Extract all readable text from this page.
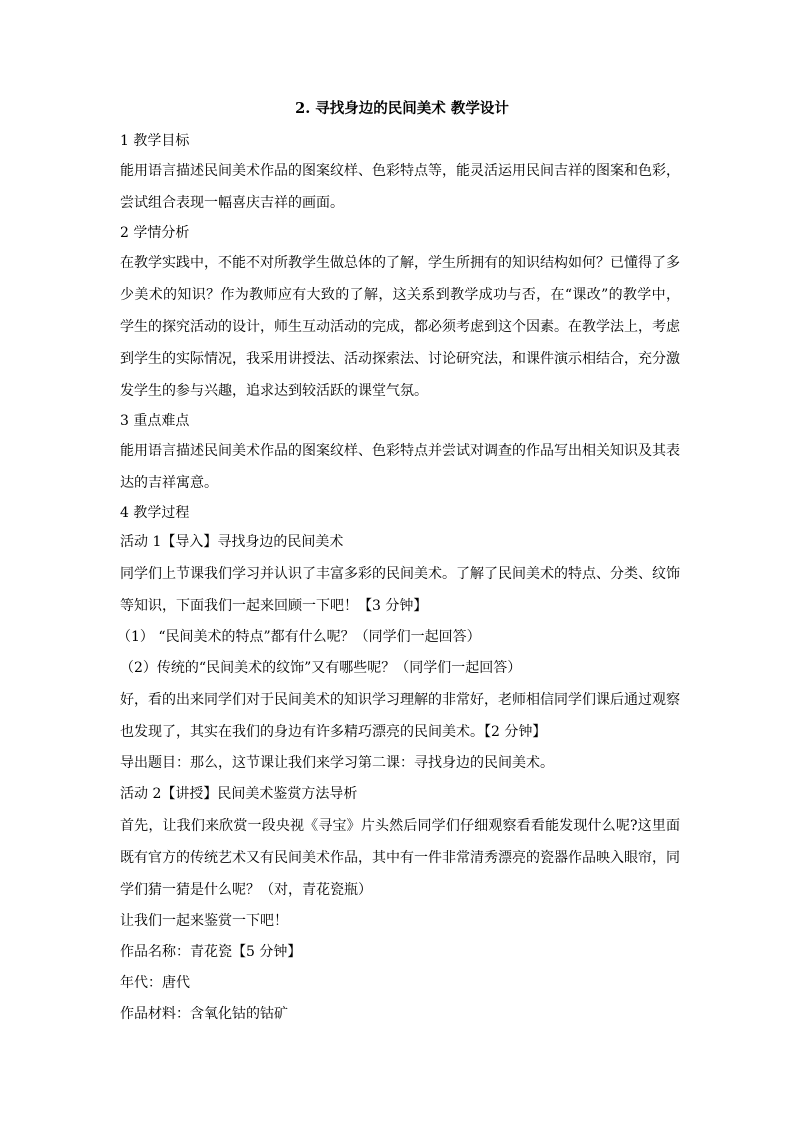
2. 寻找身边的民间美术 教学设计
1 教学目标
能用语言描述民间美术作品的图案纹样、色彩特点等，能灵活运用民间吉祥的图案和色彩，尝试组合表现一幅喜庆吉祥的画面。
2 学情分析
在教学实践中，不能不对所教学生做总体的了解，学生所拥有的知识结构如何？已懂得了多少美术的知识？作为教师应有大致的了解，这关系到教学成功与否，在“课改”的教学中，学生的探究活动的设计，师生互动活动的完成，都必须考虑到这个因素。在教学法上，考虑到学生的实际情况，我采用讲授法、活动探索法、讨论研究法，和课件演示相结合，充分激发学生的参与兴趣，追求达到较活跃的课堂气氛。
3 重点难点
能用语言描述民间美术作品的图案纹样、色彩特点并尝试对调查的作品写出相关知识及其表达的吉祥寓意。
4 教学过程
活动 1【导入】寻找身边的民间美术
同学们上节课我们学习并认识了丰富多彩的民间美术。了解了民间美术的特点、分类、纹饰等知识，下面我们一起来回顾一下吧！【3 分钟】
（1） “民间美术的特点”都有什么呢？（同学们一起回答）
（2）传统的“民间美术的纹饰”又有哪些呢？（同学们一起回答）
好，看的出来同学们对于民间美术的知识学习理解的非常好，老师相信同学们课后通过观察也发现了，其实在我们的身边有许多精巧漂亮的民间美术。【2 分钟】
导出题目：那么，这节课让我们来学习第二课：寻找身边的民间美术。
活动 2【讲授】民间美术鉴赏方法导析
首先，让我们来欣赏一段央视《寻宝》片头然后同学们仔细观察看看能发现什么呢?这里面既有官方的传统艺术又有民间美术作品，其中有一件非常清秀漂亮的瓷器作品映入眼帘，同学们猜一猜是什么呢？（对，青花瓷瓶）
让我们一起来鉴赏一下吧！
作品名称：青花瓷【5 分钟】
年代：唐代
作品材料：含氧化钴的钴矿
